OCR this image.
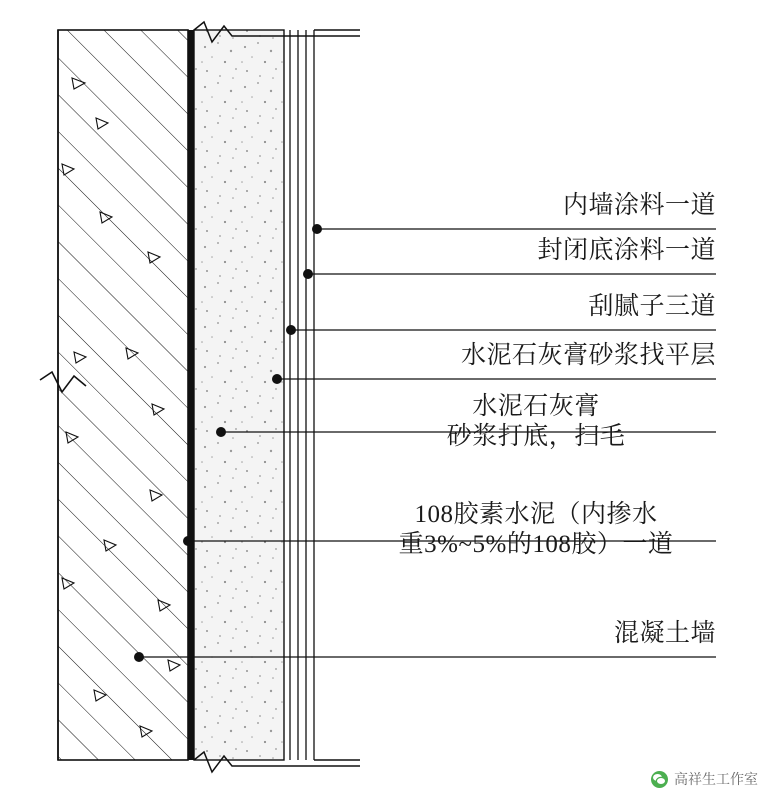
内墙涂料一道
封闭底涂料一道
刮腻子三道
水泥石灰膏砂浆找平层
水泥石灰膏
砂浆打底，扫毛
108胶素水泥（内掺水
重3%~5%的108胶）一道
混凝土墙
高祥生工作室
